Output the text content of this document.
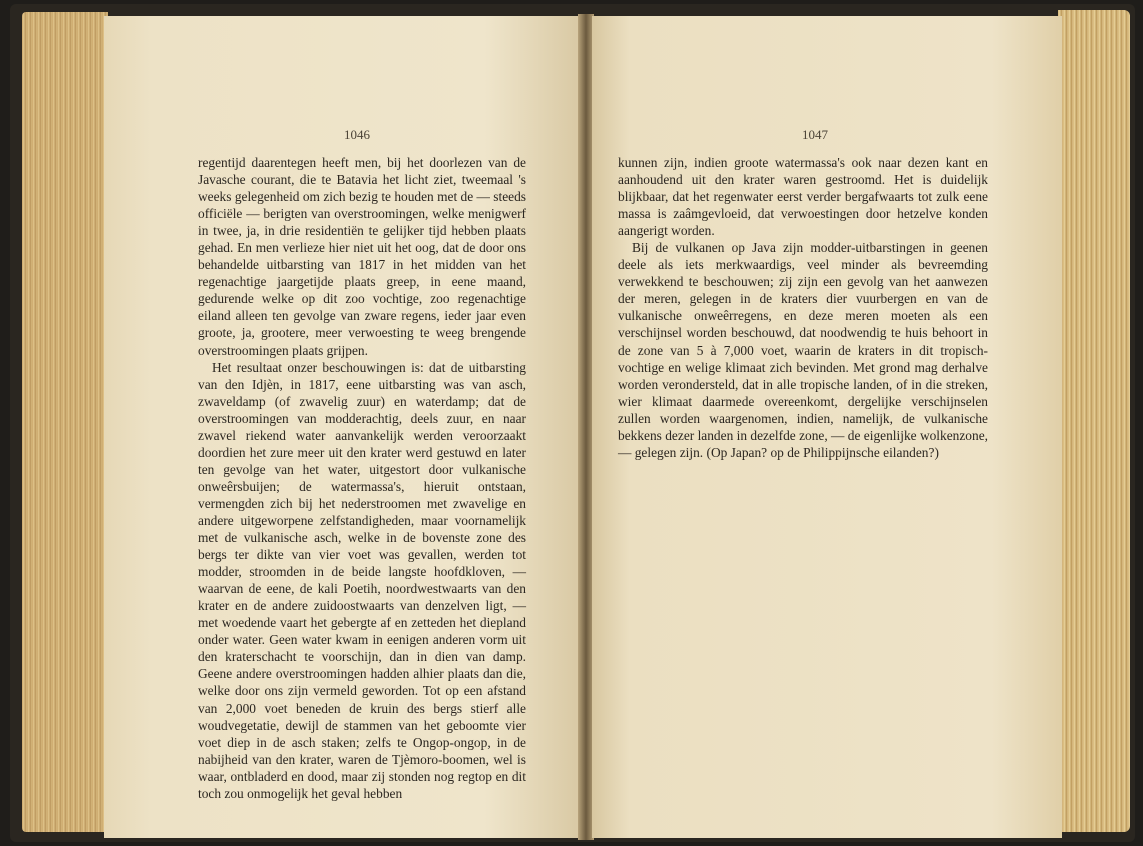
1046

regentijd daarentegen heeft men, bij het doorlezen van de Javasche courant, die te Batavia het licht ziet, tweemaal 's weeks gelegenheid om zich bezig te houden met de — steeds officiële — berigten van overstroomingen, welke menigwerf in twee, ja, in drie residentiën te gelijker tijd hebben plaats gehad. En men verlieze hier niet uit het oog, dat de door ons behandelde uitbarsting van 1817 in het midden van het regenachtige jaargetijde plaats greep, in eene maand, gedurende welke op dit zoo vochtige, zoo regenachtige eiland alleen ten gevolge van zware regens, ieder jaar even groote, ja, grootere, meer verwoesting te weeg brengende overstroomingen plaats grijpen.

Het resultaat onzer beschouwingen is: dat de uitbarsting van den Idjèn, in 1817, eene uitbarsting was van asch, zwaveldamp (of zwavelig zuur) en waterdamp; dat de overstroomingen van modderachtig, deels zuur, en naar zwavel riekend water aanvankelijk werden veroorzaakt doordien het zure meer uit den krater werd gestuwd en later ten gevolge van het water, uitgestort door vulkanische onweêrsbuijen; de watermassa's, hieruit ontstaan, vermengden zich bij het nederstroomen met zwavelige en andere uitgeworpene zelfstandigheden, maar voornamelijk met de vulkanische asch, welke in de bovenste zone des bergs ter dikte van vier voet was gevallen, werden tot modder, stroomden in de beide langste hoofdkloven, — waarvan de eene, de kali Poetih, noordwestwaarts van den krater en de andere zuidoostwaarts van denzelven ligt, — met woedende vaart het gebergte af en zetteden het diepland onder water. Geen water kwam in eenigen anderen vorm uit den kraterschacht te voorschijn, dan in dien van damp. Geene andere overstroomingen hadden alhier plaats dan die, welke door ons zijn vermeld geworden. Tot op een afstand van 2,000 voet beneden de kruin des bergs stierf alle woudvegetatie, dewijl de stammen van het geboomte vier voet diep in de asch staken; zelfs te Ongop-ongop, in de nabijheid van den krater, waren de Tjèmoro-boomen, wel is waar, ontbladerd en dood, maar zij stonden nog regtop en dit toch zou onmogelijk het geval hebben

1047

kunnen zijn, indien groote watermassa's ook naar dezen kant en aanhoudend uit den krater waren gestroomd. Het is duidelijk blijkbaar, dat het regenwater eerst verder bergafwaarts tot zulk eene massa is zaâmgevloeid, dat verwoestingen door hetzelve konden aangerigt worden.

Bij de vulkanen op Java zijn modder-uitbarstingen in geenen deele als iets merkwaardigs, veel minder als bevreemding verwekkend te beschouwen; zij zijn een gevolg van het aanwezen der meren, gelegen in de kraters dier vuurbergen en van de vulkanische onweêrregens, en deze meren moeten als een verschijnsel worden beschouwd, dat noodwendig te huis behoort in de zone van 5 à 7,000 voet, waarin de kraters in dit tropisch-vochtige en welige klimaat zich bevinden. Met grond mag derhalve worden verondersteld, dat in alle tropische landen, of in die streken, wier klimaat daarmede overeenkomt, dergelijke verschijnselen zullen worden waargenomen, indien, namelijk, de vulkanische bekkens dezer landen in dezelfde zone, — de eigenlijke wolkenzone, — gelegen zijn. (Op Japan? op de Philippijnsche eilanden?)
